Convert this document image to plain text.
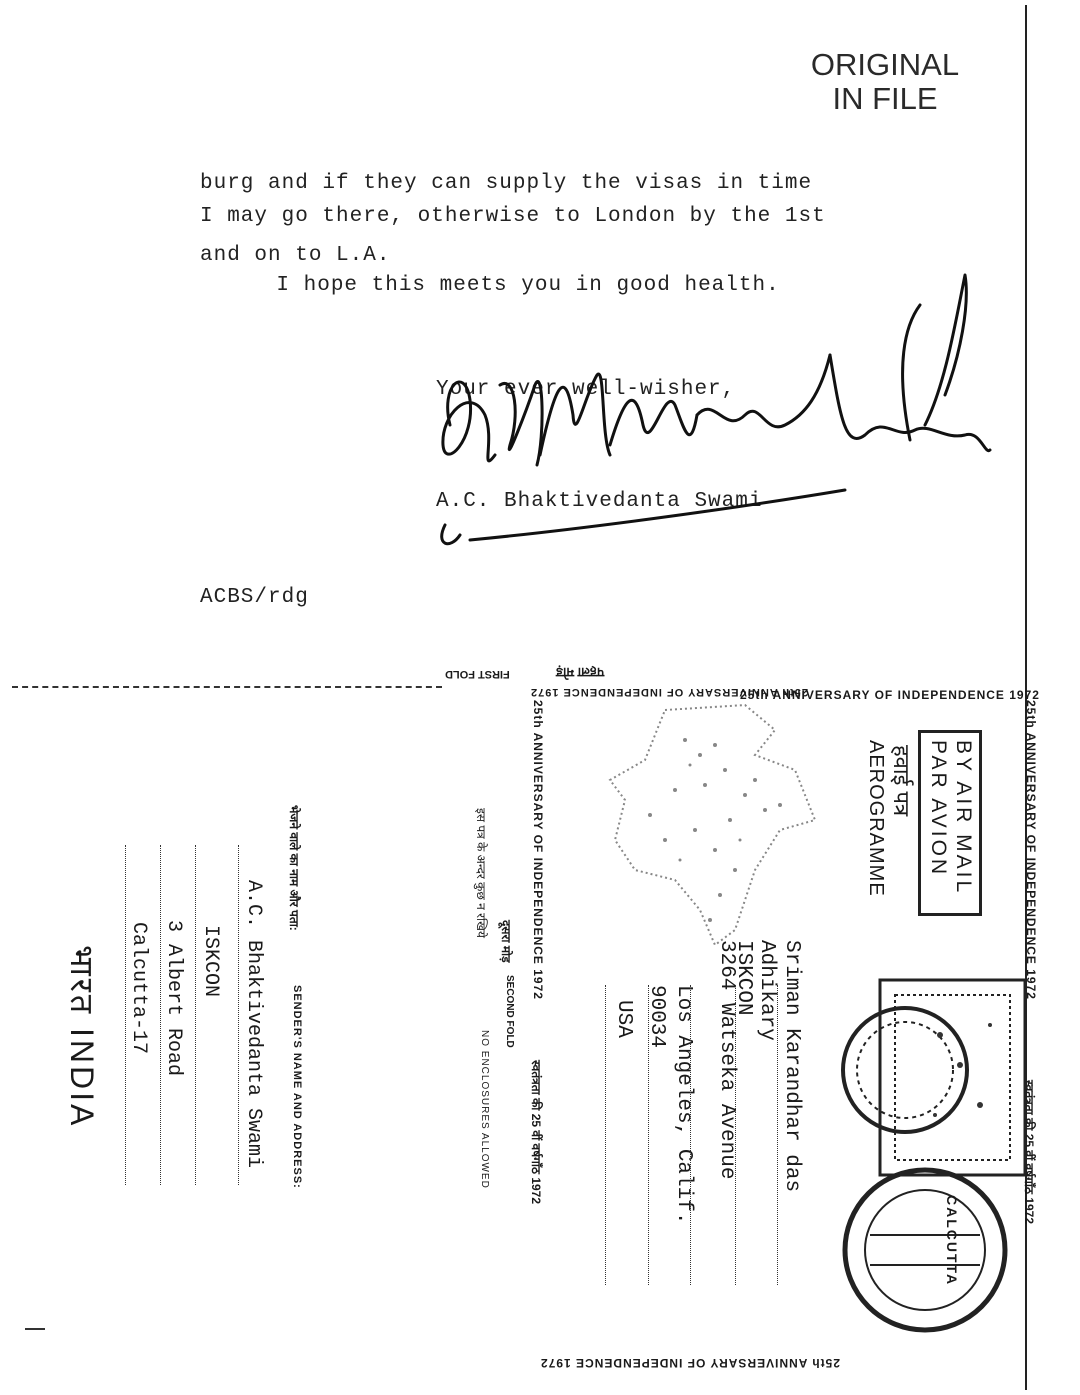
ORIGINAL
IN FILE
burg and if they can supply the visas in time
I may go there, otherwise to London by the 1st
and on to L.A.
I hope this meets you in good health.
Your ever well-wisher,
A.C. Bhaktivedanta Swami
ACBS/rdg
FIRST FOLD	पहला मोड़
25th ANNIVERSARY OF INDEPENDENCE 1972
25th ANNIVERSARY OF INDEPENDENCE 1972
25th ANNIVERSARY OF INDEPENDENCE 1972
25th ANNIVERSARY OF INDEPENDENCE 1972
स्वतंत्रता की 25 वीं वर्षगाँठ 1972
25th ANNIVERSARY OF INDEPENDENCE 1972
स्वतंत्रता की 25 वीं वर्षगाँठ 1972
SECOND FOLD
दूसरा मोड़
इस पत्र के अन्दर कुछ न रखिये
NO ENCLOSURES ALLOWED
BY AIR MAIL
PAR AVION
हवाई पत्र
AEROGRAMME
Sriman Karandhar das
Adhikary
ISKCON
3264 Watseka Avenue
Los Angeles, Calif.
90034
USA
भेजने वाले का नाम और पता:
SENDER'S NAME AND ADDRESS:
A.C. Bhaktivedanta Swami
ISKCON
3 Albert Road
Calcutta-17
भारत INDIA
CALCUTTA
